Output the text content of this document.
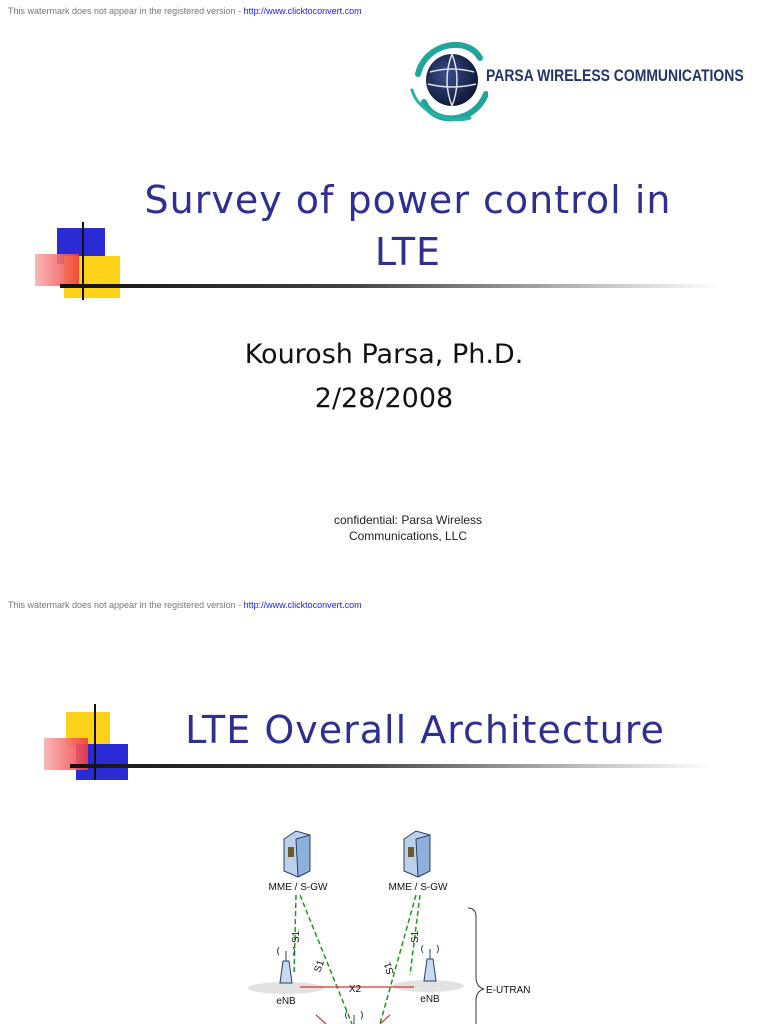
This watermark does not appear in the registered version - http://www.clicktoconvert.com
PARSA WIRELESS COMMUNICATIONS
Survey of power control in
LTE
Kourosh Parsa, Ph.D.
2/28/2008
confidential: Parsa Wireless
Communications, LLC
This watermark does not appear in the registered version - http://www.clicktoconvert.com
LTE Overall Architecture
MME / S-GW	MME / S-GW
S1
S1	S1
S1
X2
eNB	eNB
E-UTRAN
